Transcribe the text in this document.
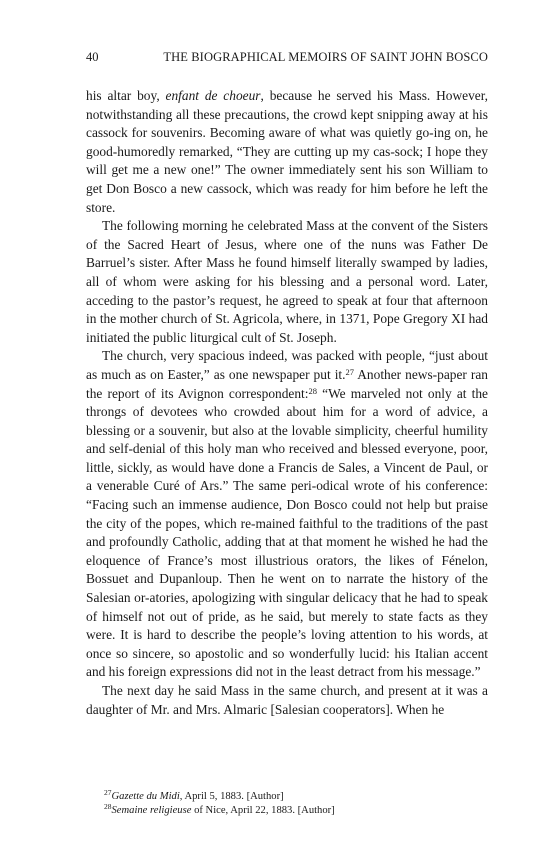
40	THE BIOGRAPHICAL MEMOIRS OF SAINT JOHN BOSCO

his altar boy, enfant de choeur, because he served his Mass. However, notwithstanding all these precautions, the crowd kept snipping away at his cassock for souvenirs. Becoming aware of what was quietly go-ing on, he good-humoredly remarked, “They are cutting up my cas-sock; I hope they will get me a new one!” The owner immediately sent his son William to get Don Bosco a new cassock, which was ready for him before he left the store.

The following morning he celebrated Mass at the convent of the Sisters of the Sacred Heart of Jesus, where one of the nuns was Father De Barruel’s sister. After Mass he found himself literally swamped by ladies, all of whom were asking for his blessing and a personal word. Later, acceding to the pastor’s request, he agreed to speak at four that afternoon in the mother church of St. Agricola, where, in 1371, Pope Gregory XI had initiated the public liturgical cult of St. Joseph.

The church, very spacious indeed, was packed with people, “just about as much as on Easter,” as one newspaper put it.$^{27}$ Another news-paper ran the report of its Avignon correspondent:$^{28}$ “We marveled not only at the throngs of devotees who crowded about him for a word of advice, a blessing or a souvenir, but also at the lovable simplicity, cheerful humility and self-denial of this holy man who received and blessed everyone, poor, little, sickly, as would have done a Francis de Sales, a Vincent de Paul, or a venerable Curé of Ars.” The same peri-odical wrote of his conference: “Facing such an immense audience, Don Bosco could not help but praise the city of the popes, which re-mained faithful to the traditions of the past and profoundly Catholic, adding that at that moment he wished he had the eloquence of France’s most illustrious orators, the likes of Fénelon, Bossuet and Dupanloup. Then he went on to narrate the history of the Salesian or-atories, apologizing with singular delicacy that he had to speak of himself not out of pride, as he said, but merely to state facts as they were. It is hard to describe the people’s loving attention to his words, at once so sincere, so apostolic and so wonderfully lucid: his Italian accent and his foreign expressions did not in the least detract from his message.”

The next day he said Mass in the same church, and present at it was a daughter of Mr. and Mrs. Almaric [Salesian cooperators]. When he

$^{27}$Gazette du Midi, April 5, 1883. [Author]
$^{28}$Semaine religieuse of Nice, April 22, 1883. [Author]
